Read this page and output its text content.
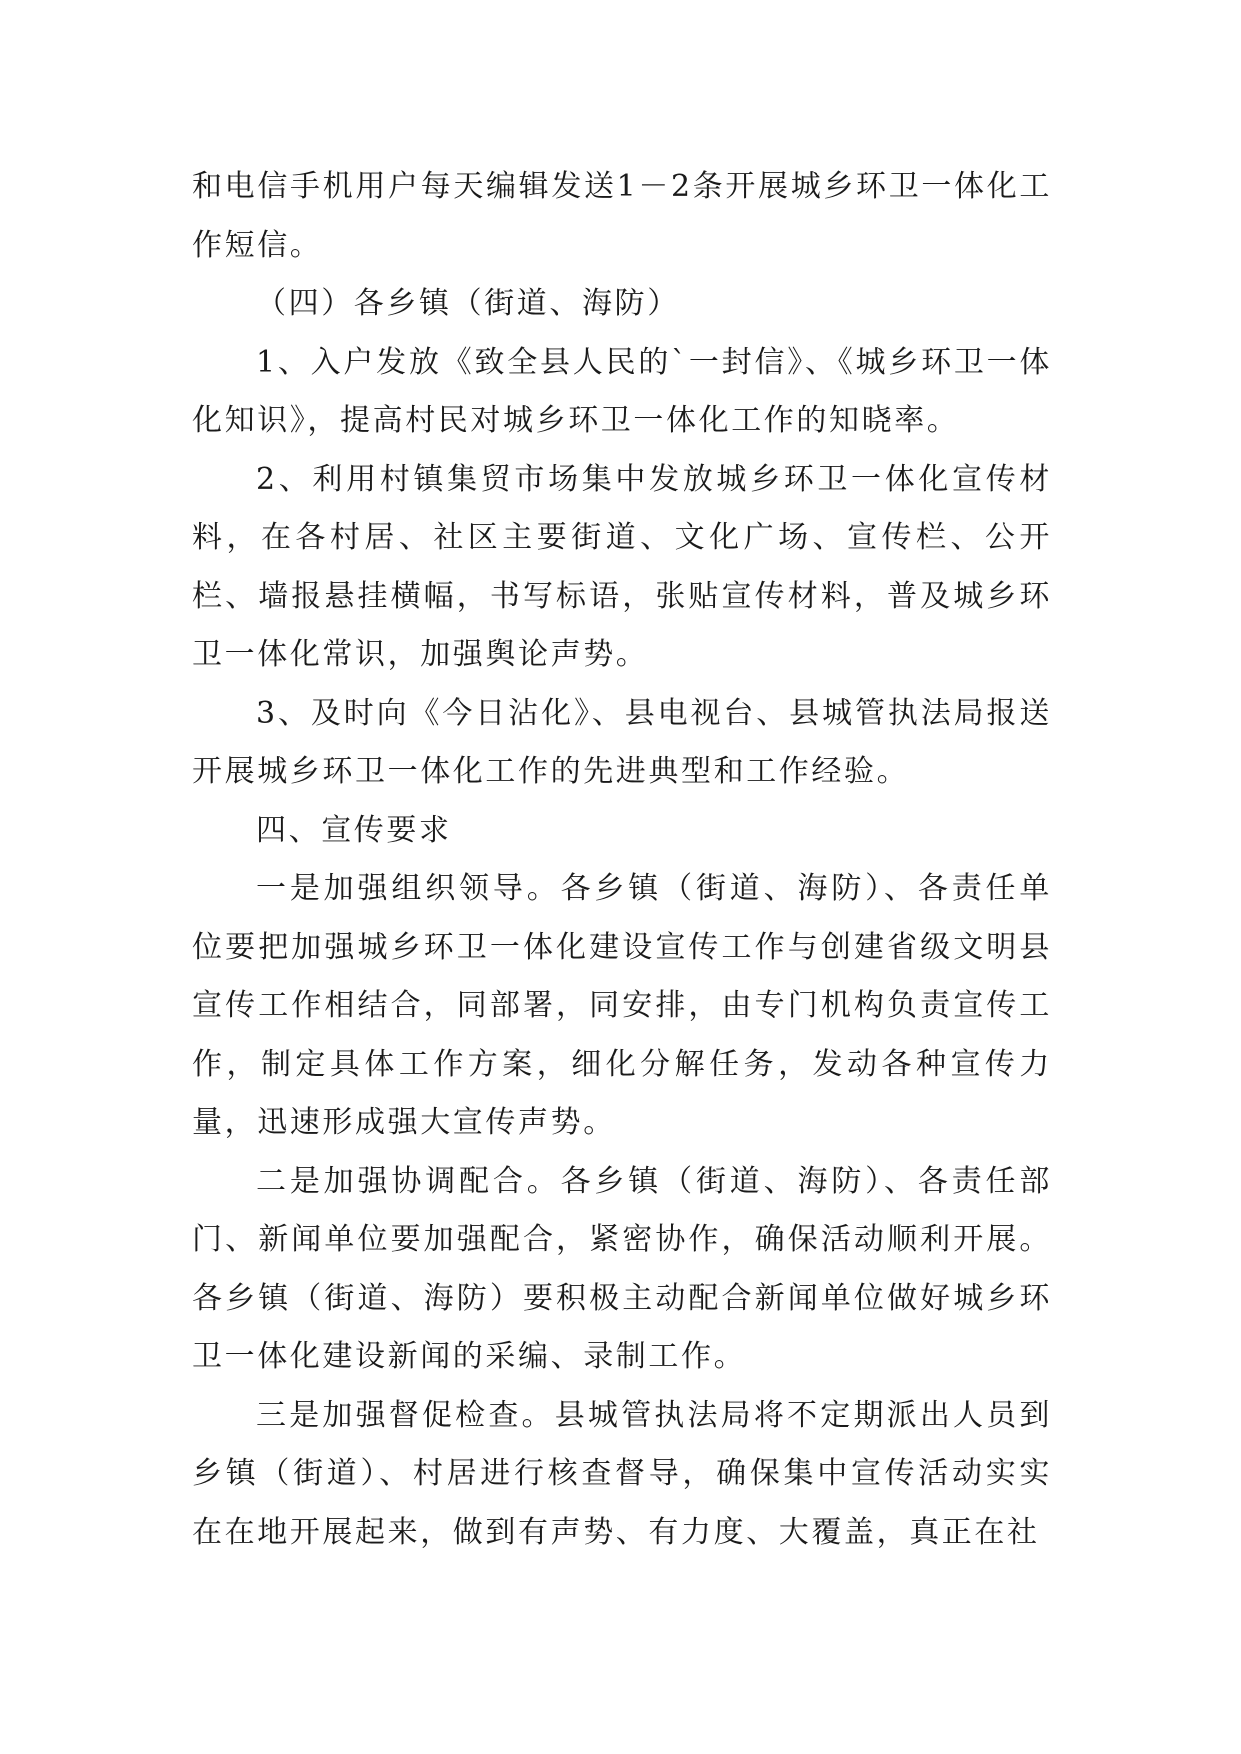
和电信手机用户每天编辑发送1－2条开展城乡环卫一体化工作短信。

（四）各乡镇（街道、海防）

1、入户发放《致全县人民的`一封信》、《城乡环卫一体化知识》，提高村民对城乡环卫一体化工作的知晓率。

2、利用村镇集贸市场集中发放城乡环卫一体化宣传材料，在各村居、社区主要街道、文化广场、宣传栏、公开栏、墙报悬挂横幅，书写标语，张贴宣传材料，普及城乡环卫一体化常识，加强舆论声势。

3、及时向《今日沾化》、县电视台、县城管执法局报送开展城乡环卫一体化工作的先进典型和工作经验。

四、宣传要求

一是加强组织领导。各乡镇（街道、海防）、各责任单位要把加强城乡环卫一体化建设宣传工作与创建省级文明县宣传工作相结合，同部署，同安排，由专门机构负责宣传工作，制定具体工作方案，细化分解任务，发动各种宣传力量，迅速形成强大宣传声势。

二是加强协调配合。各乡镇（街道、海防）、各责任部门、新闻单位要加强配合，紧密协作，确保活动顺利开展。各乡镇（街道、海防）要积极主动配合新闻单位做好城乡环卫一体化建设新闻的采编、录制工作。

三是加强督促检查。县城管执法局将不定期派出人员到乡镇（街道）、村居进行核查督导，确保集中宣传活动实实在在地开展起来，做到有声势、有力度、大覆盖，真正在社
